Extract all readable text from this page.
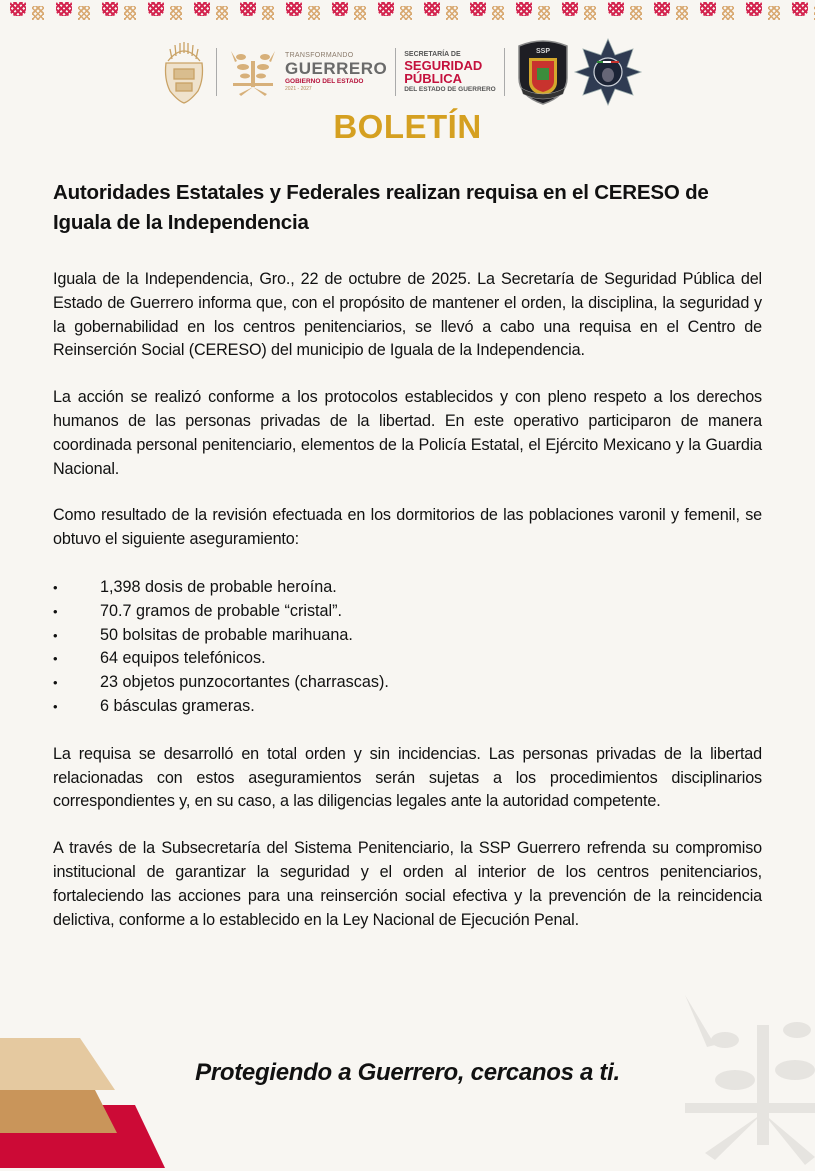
TRANSFORMANDO
GUERRERO
GOBIERNO DEL ESTADO
2021 - 2027
SECRETARÍA DE
SEGURIDAD
PÚBLICA
DEL ESTADO DE GUERRERO
SSP
BOLETÍN
Autoridades Estatales y Federales realizan requisa en el CERESO de Iguala de la Independencia

Iguala de la Independencia, Gro., 22 de octubre de 2025. La Secretaría de Seguridad Pública del Estado de Guerrero informa que, con el propósito de mantener el orden, la disciplina, la seguridad y la gobernabilidad en los centros penitenciarios, se llevó a cabo una requisa en el Centro de Reinserción Social (CERESO) del municipio de Iguala de la Independencia.

La acción se realizó conforme a los protocolos establecidos y con pleno respeto a los derechos humanos de las personas privadas de la libertad. En este operativo participaron de manera coordinada personal penitenciario, elementos de la Policía Estatal, el Ejército Mexicano y la Guardia Nacional.

Como resultado de la revisión efectuada en los dormitorios de las poblaciones varonil y femenil, se obtuvo el siguiente aseguramiento:

•	1,398 dosis de probable heroína.
•	70.7 gramos de probable “cristal”.
•	50 bolsitas de probable marihuana.
•	64 equipos telefónicos.
•	23 objetos punzocortantes (charrascas).
•	6 básculas grameras.

La requisa se desarrolló en total orden y sin incidencias. Las personas privadas de la libertad relacionadas con estos aseguramientos serán sujetas a los procedimientos disciplinarios correspondientes y, en su caso, a las diligencias legales ante la autoridad competente.

A través de la Subsecretaría del Sistema Penitenciario, la SSP Guerrero refrenda su compromiso institucional de garantizar la seguridad y el orden al interior de los centros penitenciarios, fortaleciendo las acciones para una reinserción social efectiva y la prevención de la reincidencia delictiva, conforme a lo establecido en la Ley Nacional de Ejecución Penal.

Protegiendo a Guerrero, cercanos a ti.
